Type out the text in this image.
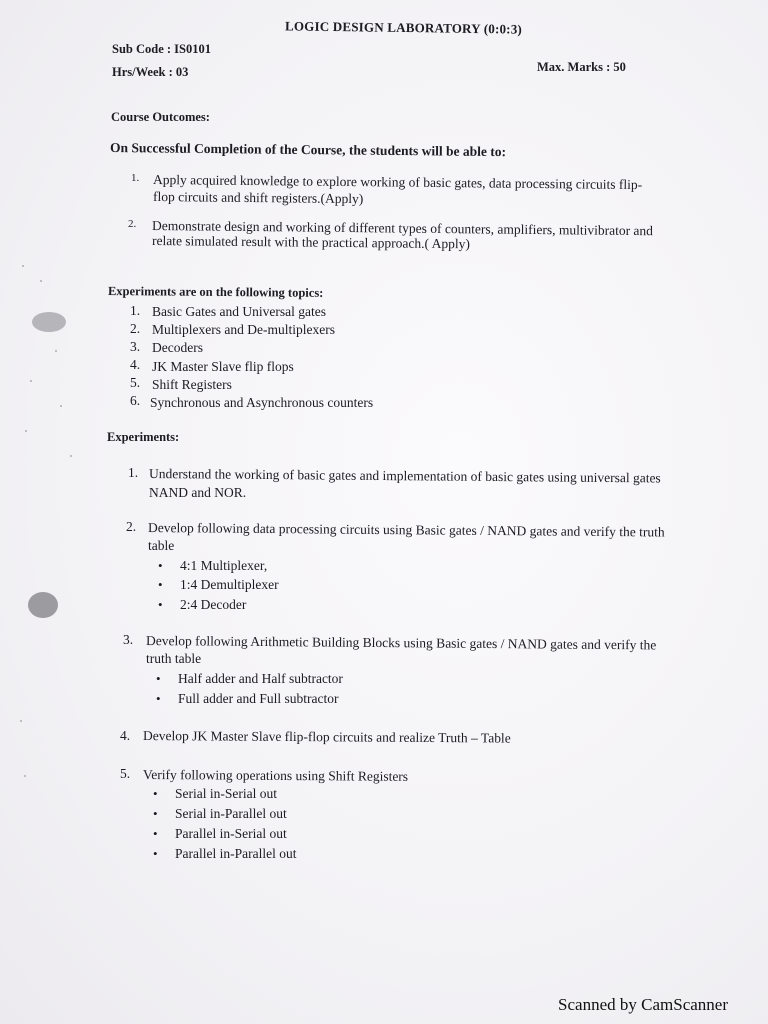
LOGIC DESIGN LABORATORY (0:0:3)
Sub Code : IS0101
Hrs/Week : 03	Max. Marks : 50
Course Outcomes:
On Successful Completion of the Course, the students will be able to:
1. Apply acquired knowledge to explore working of basic gates, data processing circuits flip-
flop circuits and shift registers.(Apply)
2. Demonstrate design and working of different types of counters, amplifiers, multivibrator and
relate simulated result with the practical approach.( Apply)
Experiments are on the following topics:
1. Basic Gates and Universal gates
2. Multiplexers and De-multiplexers
3. Decoders
4. JK Master Slave flip flops
5. Shift Registers
6. Synchronous and Asynchronous counters
Experiments:
1. Understand the working of basic gates and implementation of basic gates using universal gates
NAND and NOR.
2. Develop following data processing circuits using Basic gates / NAND gates and verify the truth
table
• 4:1 Multiplexer,
• 1:4 Demultiplexer
• 2:4 Decoder
3. Develop following Arithmetic Building Blocks using Basic gates / NAND gates and verify the
truth table
• Half adder and Half subtractor
• Full adder and Full subtractor
4. Develop JK Master Slave flip-flop circuits and realize Truth – Table
5. Verify following operations using Shift Registers
• Serial in-Serial out
• Serial in-Parallel out
• Parallel in-Serial out
• Parallel in-Parallel out
Scanned by CamScanner
